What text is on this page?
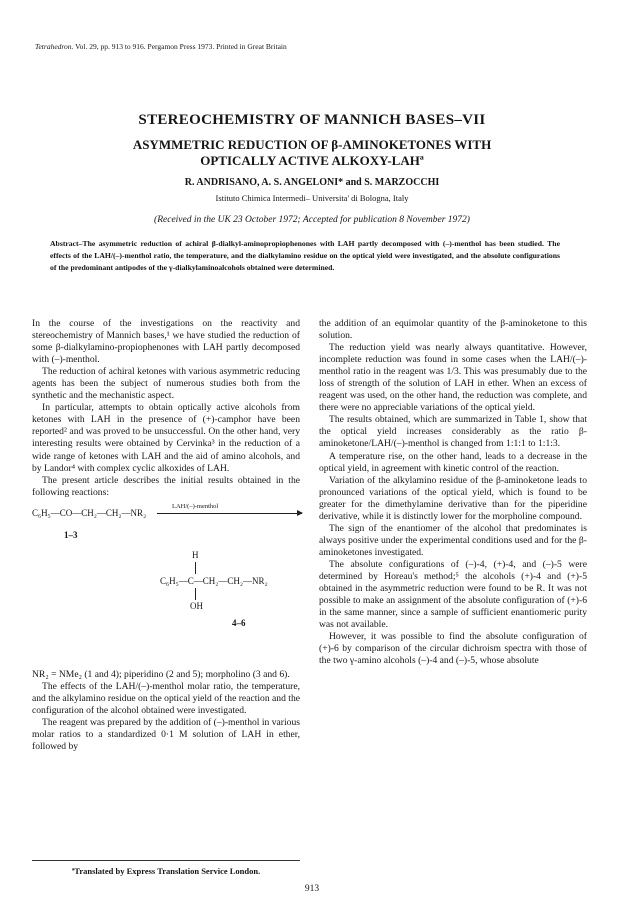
Tetrahedron. Vol. 29, pp. 913 to 916. Pergamon Press 1973. Printed in Great Britain
STEREOCHEMISTRY OF MANNICH BASES–VII
ASYMMETRIC REDUCTION OF β-AMINOKETONES WITH
OPTICALLY ACTIVE ALKOXY-LAHª
R. ANDRISANO, A. S. ANGELONI* and S. MARZOCCHI
Istituto Chimica Intermedi– Universita' di Bologna, Italy
(Received in the UK 23 October 1972; Accepted for publication 8 November 1972)
Abstract–The asymmetric reduction of achiral β-dialkyl-aminopropiophenones with LAH partly decomposed with (–)-menthol has been studied. The effects of the LAH/(–)-menthol ratio, the temperature, and the dialkylamino residue on the optical yield were investigated, and the absolute configurations of the predominant antipodes of the γ-dialkylaminoalcohols obtained were determined.

In the course of the investigations on the reactivity and stereochemistry of Mannich bases,¹ we have studied the reduction of some β-dialkylamino-propiophenones with LAH partly decomposed with (–)-menthol.

The reduction of achiral ketones with various asymmetric reducing agents has been the subject of numerous studies both from the synthetic and the mechanistic aspect.

In particular, attempts to obtain optically active alcohols from ketones with LAH in the presence of (+)-camphor have been reported² and was proved to be unsuccessful. On the other hand, very interesting results were obtained by Cervinka³ in the reduction of a wide range of ketones with LAH and the aid of amino alcohols, and by Landor⁴ with complex cyclic alkoxides of LAH.

The present article describes the initial results obtained in the following reactions:

C₆H₅—CO—CH₂—CH₂—NR₂
LAH/(–)-menthol
1–3
H
C₆H₅—C—CH₂—CH₂—NR₂
OH
4–6

NR₂ = NMe₂ (1 and 4); piperidino (2 and 5); morpholino (3 and 6).

The effects of the LAH/(–)-menthol molar ratio, the temperature, and the alkylamino residue on the optical yield of the reaction and the configuration of the alcohol obtained were investigated.

The reagent was prepared by the addition of (–)-menthol in various molar ratios to a standardized 0·1 M solution of LAH in ether, followed by

the addition of an equimolar quantity of the β-aminoketone to this solution.

The reduction yield was nearly always quantitative. However, incomplete reduction was found in some cases when the LAH/(–)-menthol ratio in the reagent was 1/3. This was presumably due to the loss of strength of the solution of LAH in ether. When an excess of reagent was used, on the other hand, the reduction was complete, and there were no appreciable variations of the optical yield.

The results obtained, which are summarized in Table 1, show that the optical yield increases considerably as the ratio β-aminoketone/LAH/(–)-menthol is changed from 1:1:1 to 1:1:3.

A temperature rise, on the other hand, leads to a decrease in the optical yield, in agreement with kinetic control of the reaction.

Variation of the alkylamino residue of the β-aminoketone leads to pronounced variations of the optical yield, which is found to be greater for the dimethylamine derivative than for the piperidine derivative, while it is distinctly lower for the morpholine compound.

The sign of the enantiomer of the alcohol that predominates is always positive under the experimental conditions used and for the β-aminoketones investigated.

The absolute configurations of (–)-4, (+)-4, and (–)-5 were determined by Horeau's method;⁵ the alcohols (+)-4 and (+)-5 obtained in the asymmetric reduction were found to be R. It was not possible to make an assignment of the absolute configuration of (+)-6 in the same manner, since a sample of sufficient enantiomeric purity was not available.

However, it was possible to find the absolute configuration of (+)-6 by comparison of the circular dichroism spectra with those of the two γ-amino alcohols (–)-4 and (–)-5, whose absolute

ªTranslated by Express Translation Service London.
913
